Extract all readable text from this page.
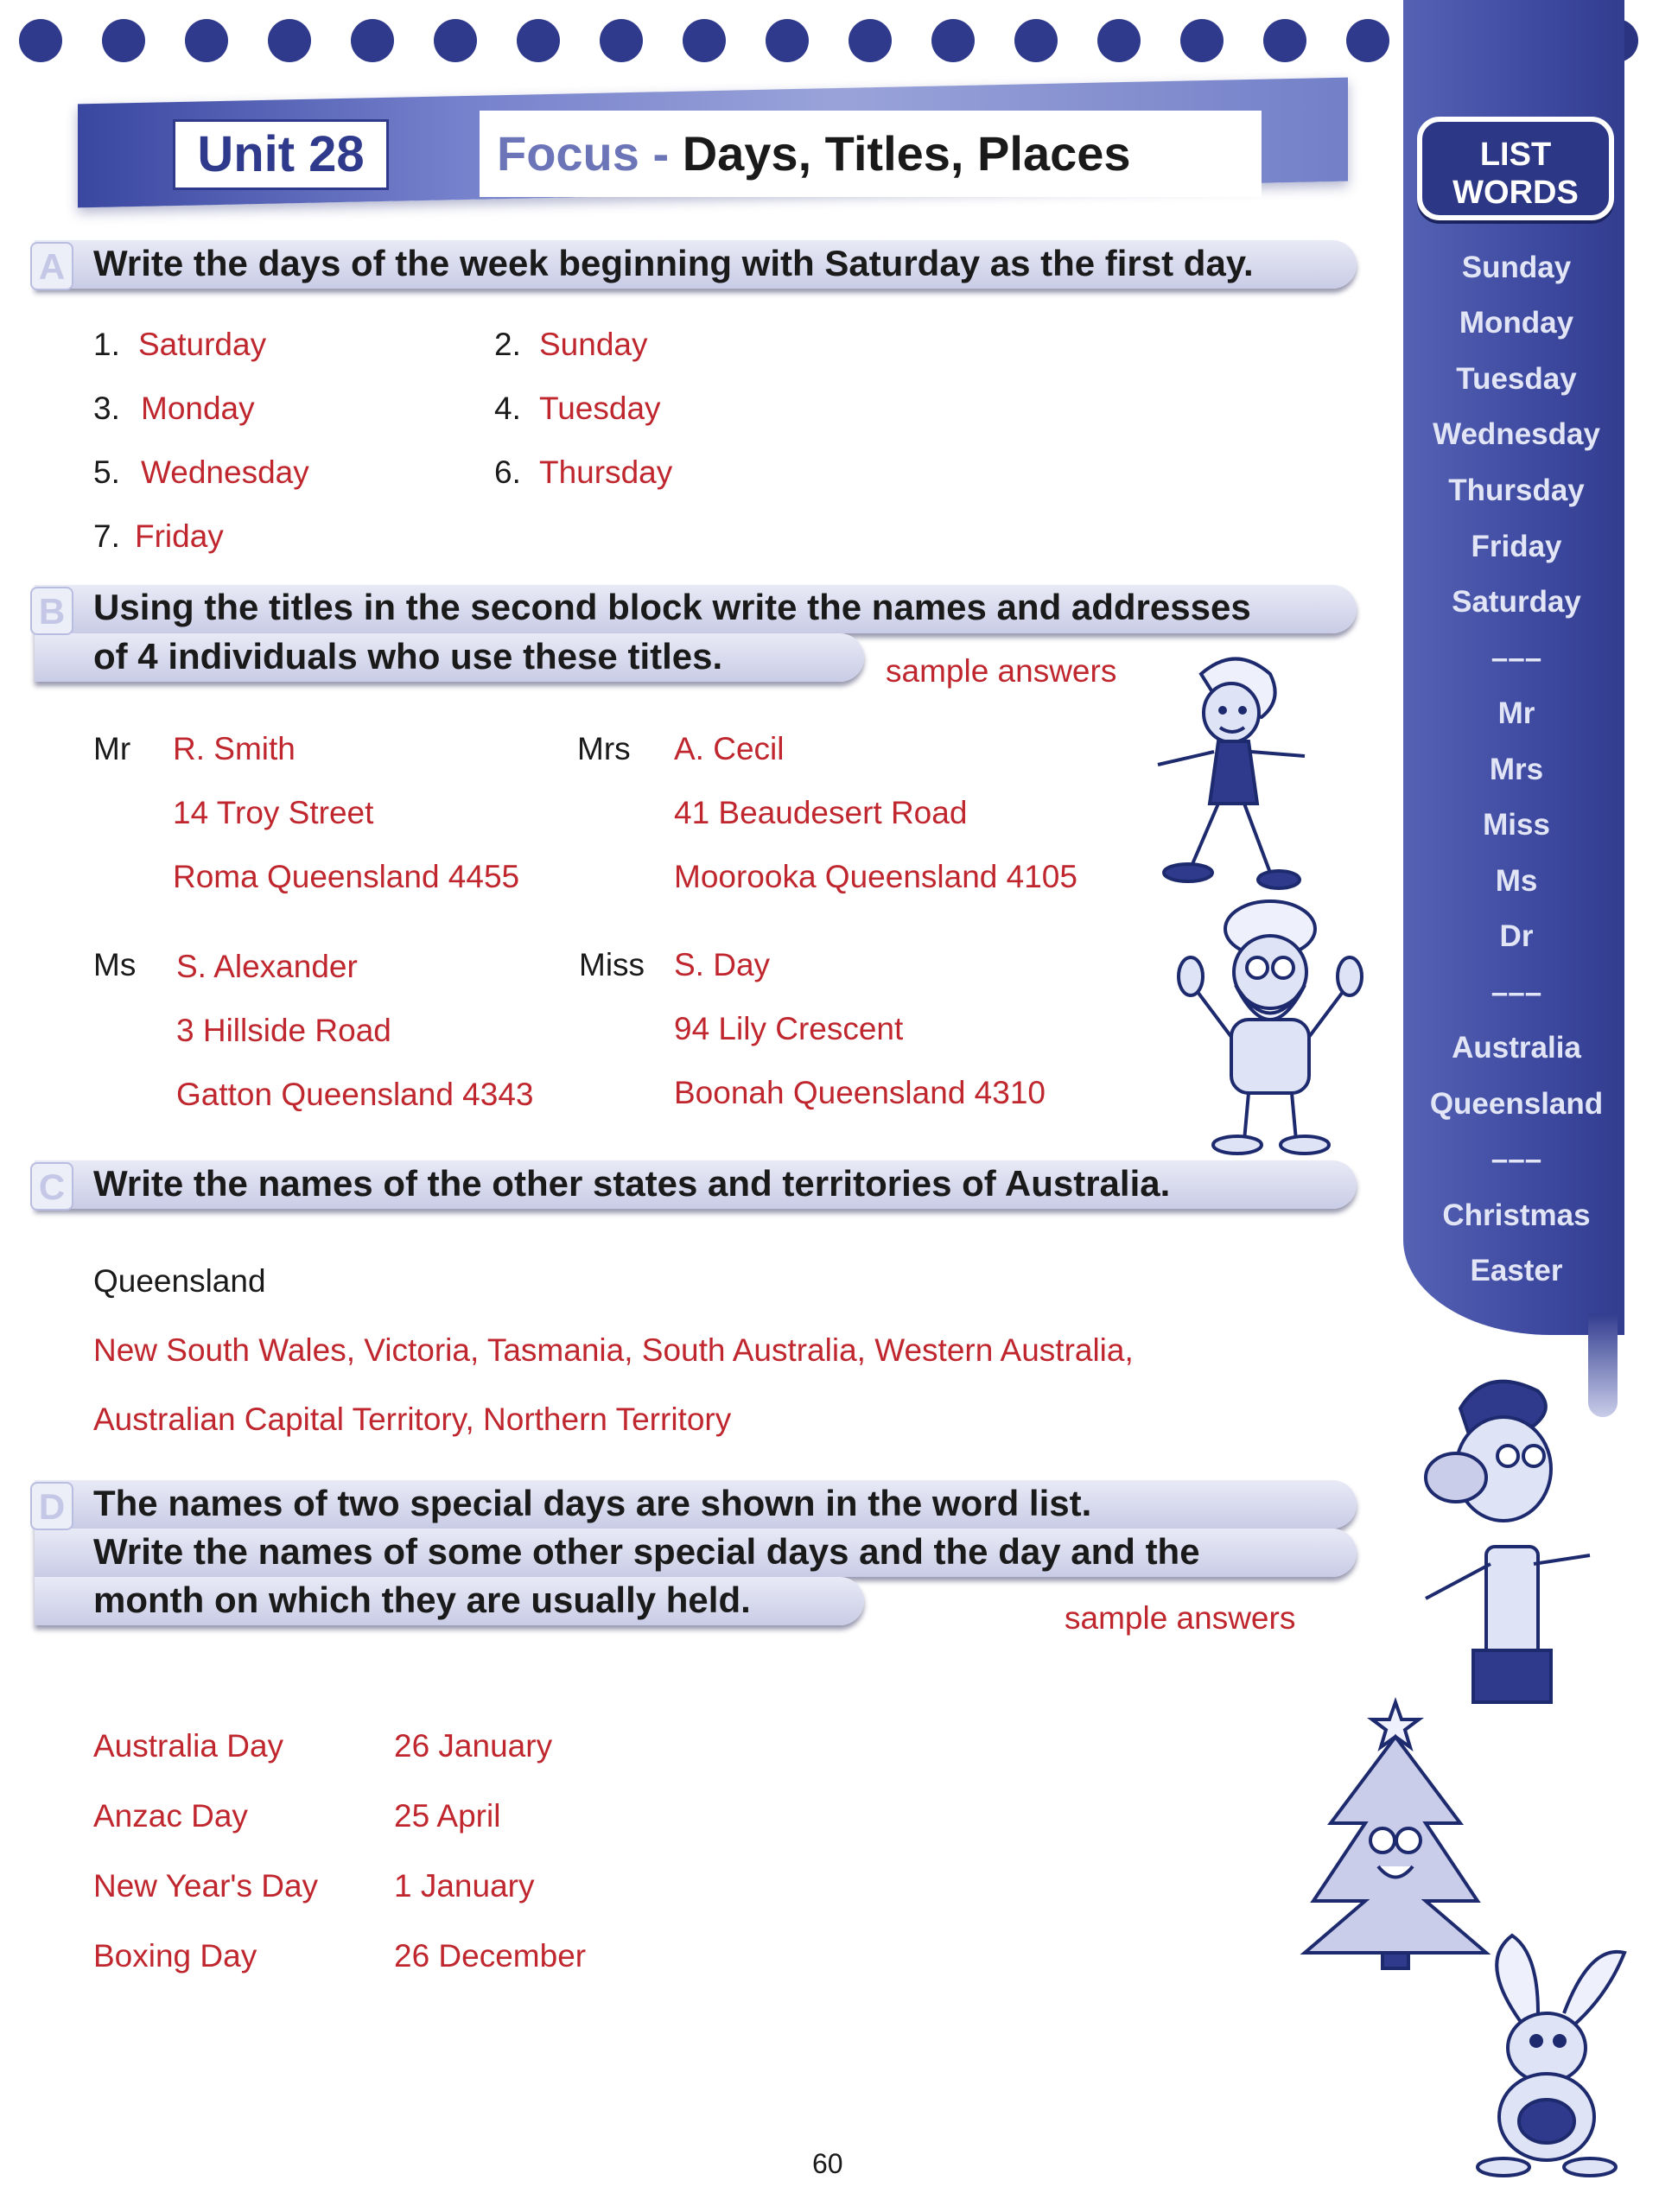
LIST
WORDS
Sunday
Monday
Tuesday
Wednesday
Thursday
Friday
Saturday
–––
Mr
Mrs
Miss
Ms
Dr
–––
Australia
Queensland
–––
Christmas
Easter
Unit 28	Focus - Days, Titles, Places
A Write the days of the week beginning with Saturday as the first day.
1. Saturday	2. Sunday
3. Monday	4. Tuesday
5. Wednesday	6. Thursday
7. Friday
B Using the titles in the second block write the names and addresses
of 4 individuals who use these titles.	sample answers
Mr R. Smith
14 Troy Street
Roma Queensland 4455
Mrs A. Cecil
41 Beaudesert Road
Moorooka Queensland 4105
Ms S. Alexander
3 Hillside Road
Gatton Queensland 4343
Miss S. Day
94 Lily Crescent
Boonah Queensland 4310
C Write the names of the other states and territories of Australia.
Queensland
New South Wales, Victoria, Tasmania, South Australia, Western Australia,
Australian Capital Territory, Northern Territory
D The names of two special days are shown in the word list.
Write the names of some other special days and the day and the
month on which they are usually held.	sample answers
Australia Day	26 January
Anzac Day	25 April
New Year's Day 1 January
Boxing Day	26 December
60
